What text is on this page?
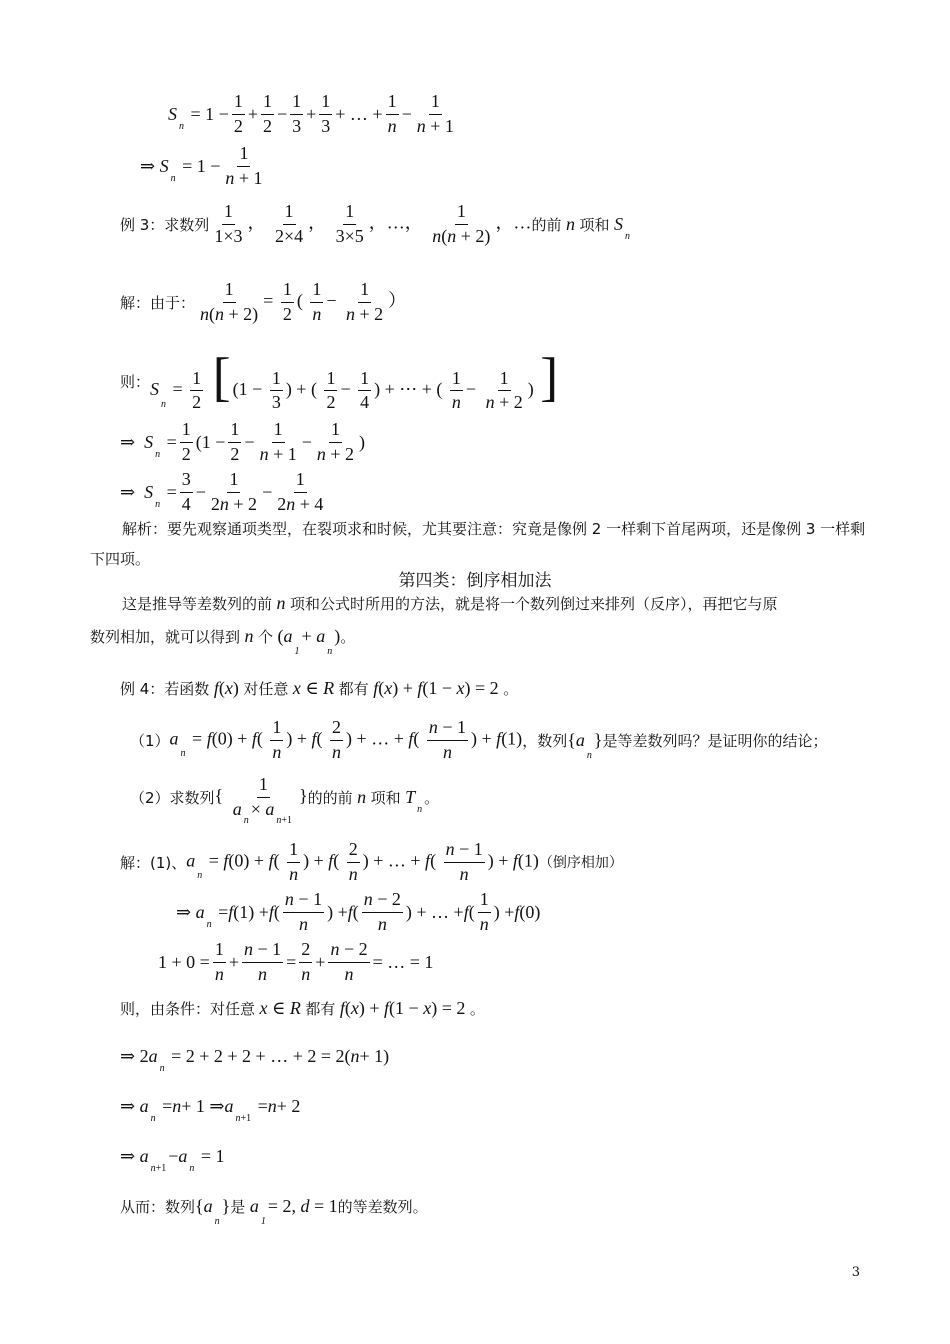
S
n
= $1 - \frac{1}{2} + \frac{1}{2} - \frac{1}{3} + \frac{1}{3}$ + … + $\frac{1}{n} - \frac{1}{n + 1}$
⇒ S
n
= $1 - \frac{1}{n + 1}$
例 3：求数列 $\frac{1}{1\times 3}$ ， $\frac{1}{2\times 4}$ ， $\frac{1}{3\times 5}$ ，…， $\frac{1}{n(n + 2)}$ ，… 的前 n 项和 S
n
解：由于： $\frac{1}{n(n + 2)} = \frac{1}{2}$ ( $\frac{1}{n} - \frac{1}{n + 2}$ ）
则： $S_n = \frac{1}{2}$ [ ($1 - \frac{1}{3}$ ) + ( $\frac{1}{2} - \frac{1}{4}$ ) + ⋯ + ( $\frac{1}{n} - \frac{1}{n + 2}$ ) ]
⇒ S
n
= $\frac{1}{2} (1 - \frac{1}{2} - \frac{1}{n + 1} - \frac{1}{n + 2}$ )
⇒ S
n
= $\frac{3}{4} - \frac{1}{2n + 2} - \frac{1}{2n + 4}$
解析：要先观察通项类型，在裂项求和时候，尤其要注意：究竟是像例 2 一样剩下首尾两项，还是像例 3 一样剩下四项。
第四类：倒序相加法
这是推导等差数列的前 n 项和公式时所用的方法，就是将一个数列倒过来排列（反序），再把它与原
数列相加，就可以得到 n 个 $(a_1+ a_n)$ 。
例 4：若函数 f(x) 对任意 x ∈ R 都有 f(x) + f(1 − x) = 2 。
（1） $a_n = f(0) + f( \frac{1}{n}$ ) + $f( \frac{2}{n}$ ) + … + $f( \frac{n - 1}{n}$ ) + f(1) ，数列 $\{a_n\}$ 是等差数列吗？是证明你的结论；
（2）求数列 { $\frac{1}{a_n\times a_{n+1}}$ } 的的前 n 项和 T
n
。
解：(1)、 $a_n = f(0) + f( \frac{1}{n}$ ) + $f( \frac{2}{n}$ ) + … + $f( \frac{n - 1}{n}$ ) + f(1) （倒序相加）
⇒ a
n
= f (1) + f ( $\frac{n - 1}{n}$ ) + f ( $\frac{n - 2}{n}$ ) + … + f ( $\frac{1}{n}$ ) + f (0)
$1 + 0 = \frac{1}{n} + \frac{n - 1}{n} = \frac{2}{n} + \frac{n - 2}{n}$ = … = 1
则，由条件：对任意 x ∈ R 都有 f(x) + f(1 − x) = 2 。
⇒ 2 a
n
= 2 + 2 + 2 + … + 2 = 2( n + 1)
⇒ a
n
= n + 1 ⇒ a
n+1
= n + 2
⇒ a
n+1
− a
n
= 1
从而：数列 $\{a_n\}$ 是 $a_1= 2$, d = 1 的等差数列。
3
